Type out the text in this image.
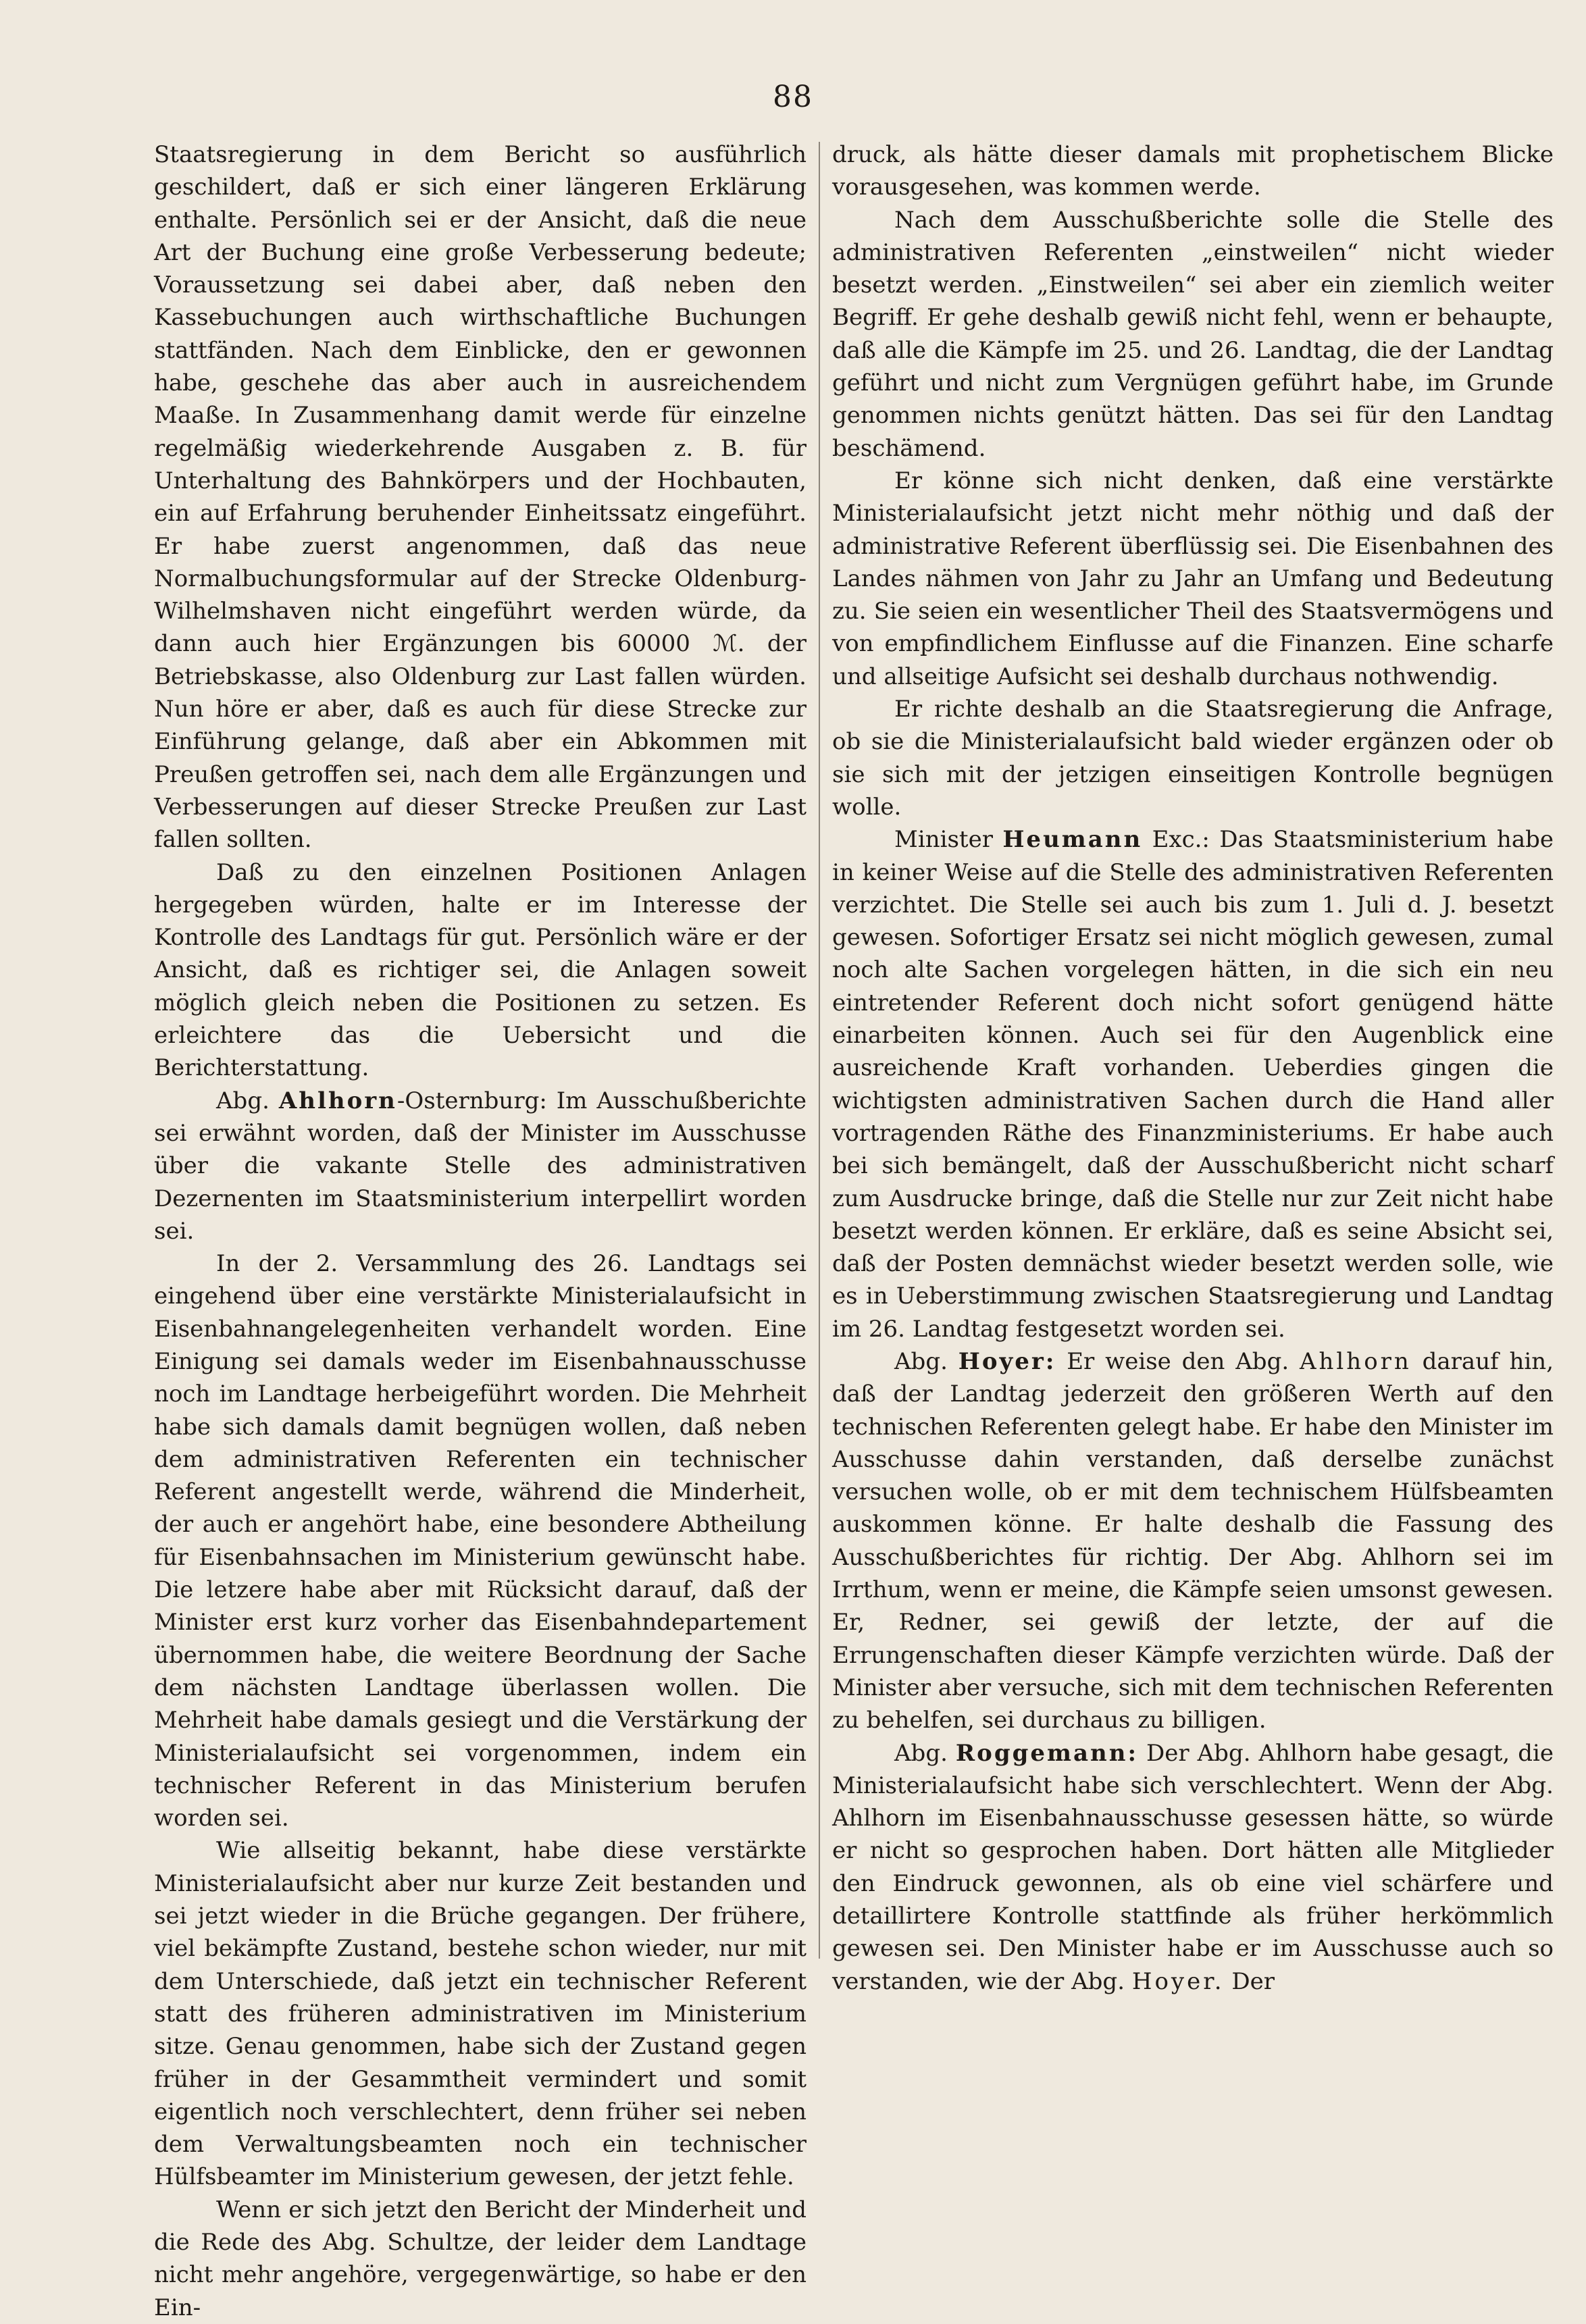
88

Staatsregierung in dem Bericht so ausführlich geschildert, daß er sich einer längeren Erklärung enthalte. Persönlich sei er der Ansicht, daß die neue Art der Buchung eine große Verbesserung bedeute; Voraussetzung sei dabei aber, daß neben den Kassebuchungen auch wirthschaftliche Buchungen stattfänden. Nach dem Einblicke, den er gewonnen habe, geschehe das aber auch in ausreichendem Maaße. In Zusammenhang damit werde für einzelne regelmäßig wiederkehrende Ausgaben z. B. für Unterhaltung des Bahnkörpers und der Hochbauten, ein auf Erfahrung beruhender Einheitssatz eingeführt. Er habe zuerst angenommen, daß das neue Normalbuchungsformular auf der Strecke Oldenburg-Wilhelmshaven nicht eingeführt werden würde, da dann auch hier Ergänzungen bis 60000 ℳ. der Betriebskasse, also Oldenburg zur Last fallen würden. Nun höre er aber, daß es auch für diese Strecke zur Einführung gelange, daß aber ein Abkommen mit Preußen getroffen sei, nach dem alle Ergänzungen und Verbesserungen auf dieser Strecke Preußen zur Last fallen sollten.

Daß zu den einzelnen Positionen Anlagen hergegeben würden, halte er im Interesse der Kontrolle des Landtags für gut. Persönlich wäre er der Ansicht, daß es richtiger sei, die Anlagen soweit möglich gleich neben die Positionen zu setzen. Es erleichtere das die Uebersicht und die Berichterstattung.

Abg. Ahlhorn-Osternburg: Im Ausschußberichte sei erwähnt worden, daß der Minister im Ausschusse über die vakante Stelle des administrativen Dezernenten im Staatsministerium interpellirt worden sei.

In der 2. Versammlung des 26. Landtags sei eingehend über eine verstärkte Ministerialaufsicht in Eisenbahnangelegenheiten verhandelt worden. Eine Einigung sei damals weder im Eisenbahnausschusse noch im Landtage herbeigeführt worden. Die Mehrheit habe sich damals damit begnügen wollen, daß neben dem administrativen Referenten ein technischer Referent angestellt werde, während die Minderheit, der auch er angehört habe, eine besondere Abtheilung für Eisenbahnsachen im Ministerium gewünscht habe. Die letzere habe aber mit Rücksicht darauf, daß der Minister erst kurz vorher das Eisenbahndepartement übernommen habe, die weitere Beordnung der Sache dem nächsten Landtage überlassen wollen. Die Mehrheit habe damals gesiegt und die Verstärkung der Ministerialaufsicht sei vorgenommen, indem ein technischer Referent in das Ministerium berufen worden sei.

Wie allseitig bekannt, habe diese verstärkte Ministerialaufsicht aber nur kurze Zeit bestanden und sei jetzt wieder in die Brüche gegangen. Der frühere, viel bekämpfte Zustand, bestehe schon wieder, nur mit dem Unterschiede, daß jetzt ein technischer Referent statt des früheren administrativen im Ministerium sitze. Genau genommen, habe sich der Zustand gegen früher in der Gesammtheit vermindert und somit eigentlich noch verschlechtert, denn früher sei neben dem Verwaltungsbeamten noch ein technischer Hülfsbeamter im Ministerium gewesen, der jetzt fehle.

Wenn er sich jetzt den Bericht der Minderheit und die Rede des Abg. Schultze, der leider dem Landtage nicht mehr angehöre, vergegenwärtige, so habe er den Ein-

druck, als hätte dieser damals mit prophetischem Blicke vorausgesehen, was kommen werde.

Nach dem Ausschußberichte solle die Stelle des administrativen Referenten „einstweilen“ nicht wieder besetzt werden. „Einstweilen“ sei aber ein ziemlich weiter Begriff. Er gehe deshalb gewiß nicht fehl, wenn er behaupte, daß alle die Kämpfe im 25. und 26. Landtag, die der Landtag geführt und nicht zum Vergnügen geführt habe, im Grunde genommen nichts genützt hätten. Das sei für den Landtag beschämend.

Er könne sich nicht denken, daß eine verstärkte Ministerialaufsicht jetzt nicht mehr nöthig und daß der administrative Referent überflüssig sei. Die Eisenbahnen des Landes nähmen von Jahr zu Jahr an Umfang und Bedeutung zu. Sie seien ein wesentlicher Theil des Staatsvermögens und von empfindlichem Einflusse auf die Finanzen. Eine scharfe und allseitige Aufsicht sei deshalb durchaus nothwendig.

Er richte deshalb an die Staatsregierung die Anfrage, ob sie die Ministerialaufsicht bald wieder ergänzen oder ob sie sich mit der jetzigen einseitigen Kontrolle begnügen wolle.

Minister Heumann Exc.: Das Staatsministerium habe in keiner Weise auf die Stelle des administrativen Referenten verzichtet. Die Stelle sei auch bis zum 1. Juli d. J. besetzt gewesen. Sofortiger Ersatz sei nicht möglich gewesen, zumal noch alte Sachen vorgelegen hätten, in die sich ein neu eintretender Referent doch nicht sofort genügend hätte einarbeiten können. Auch sei für den Augenblick eine ausreichende Kraft vorhanden. Ueberdies gingen die wichtigsten administrativen Sachen durch die Hand aller vortragenden Räthe des Finanzministeriums. Er habe auch bei sich bemängelt, daß der Ausschußbericht nicht scharf zum Ausdrucke bringe, daß die Stelle nur zur Zeit nicht habe besetzt werden können. Er erkläre, daß es seine Absicht sei, daß der Posten demnächst wieder besetzt werden solle, wie es in Ueberstimmung zwischen Staatsregierung und Landtag im 26. Landtag festgesetzt worden sei.

Abg. Hoyer: Er weise den Abg. Ahlhorn darauf hin, daß der Landtag jederzeit den größeren Werth auf den technischen Referenten gelegt habe. Er habe den Minister im Ausschusse dahin verstanden, daß derselbe zunächst versuchen wolle, ob er mit dem technischem Hülfsbeamten auskommen könne. Er halte deshalb die Fassung des Ausschußberichtes für richtig. Der Abg. Ahlhorn sei im Irrthum, wenn er meine, die Kämpfe seien umsonst gewesen. Er, Redner, sei gewiß der letzte, der auf die Errungenschaften dieser Kämpfe verzichten würde. Daß der Minister aber versuche, sich mit dem technischen Referenten zu behelfen, sei durchaus zu billigen.

Abg. Roggemann: Der Abg. Ahlhorn habe gesagt, die Ministerialaufsicht habe sich verschlechtert. Wenn der Abg. Ahlhorn im Eisenbahnausschusse gesessen hätte, so würde er nicht so gesprochen haben. Dort hätten alle Mitglieder den Eindruck gewonnen, als ob eine viel schärfere und detaillirtere Kontrolle stattfinde als früher herkömmlich gewesen sei. Den Minister habe er im Ausschusse auch so verstanden, wie der Abg. Hoyer. Der
